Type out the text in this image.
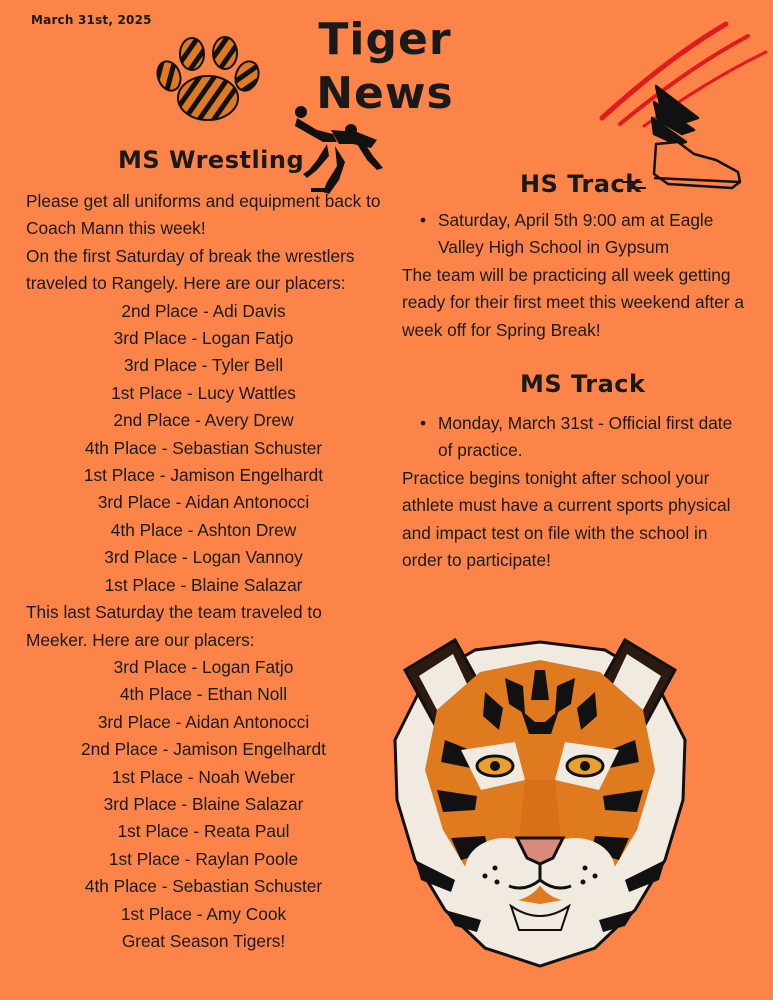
March 31st, 2025	Tiger
News
MS Wrestling
Please get all uniforms and equipment back to Coach Mann this week!
On the first Saturday of break the wrestlers traveled to Rangely. Here are our placers:
2nd Place - Adi Davis
3rd Place - Logan Fatjo
3rd Place - Tyler Bell
1st Place - Lucy Wattles
2nd Place - Avery Drew
4th Place - Sebastian Schuster
1st Place - Jamison Engelhardt
3rd Place - Aidan Antonocci
4th Place - Ashton Drew
3rd Place - Logan Vannoy
1st Place - Blaine Salazar
This last Saturday the team traveled to Meeker. Here are our placers:
3rd Place - Logan Fatjo
4th Place - Ethan Noll
3rd Place - Aidan Antonocci
2nd Place - Jamison Engelhardt
1st Place - Noah Weber
3rd Place - Blaine Salazar
1st Place - Reata Paul
1st Place - Raylan Poole
4th Place - Sebastian Schuster
1st Place - Amy Cook
Great Season Tigers!
HS Track
• Saturday, April 5th 9:00 am at Eagle Valley High School in Gypsum
The team will be practicing all week getting ready for their first meet this weekend after a week off for Spring Break!
MS Track
• Monday, March 31st - Official first date of practice.
Practice begins tonight after school your athlete must have a current sports physical and impact test on file with the school in order to participate!
